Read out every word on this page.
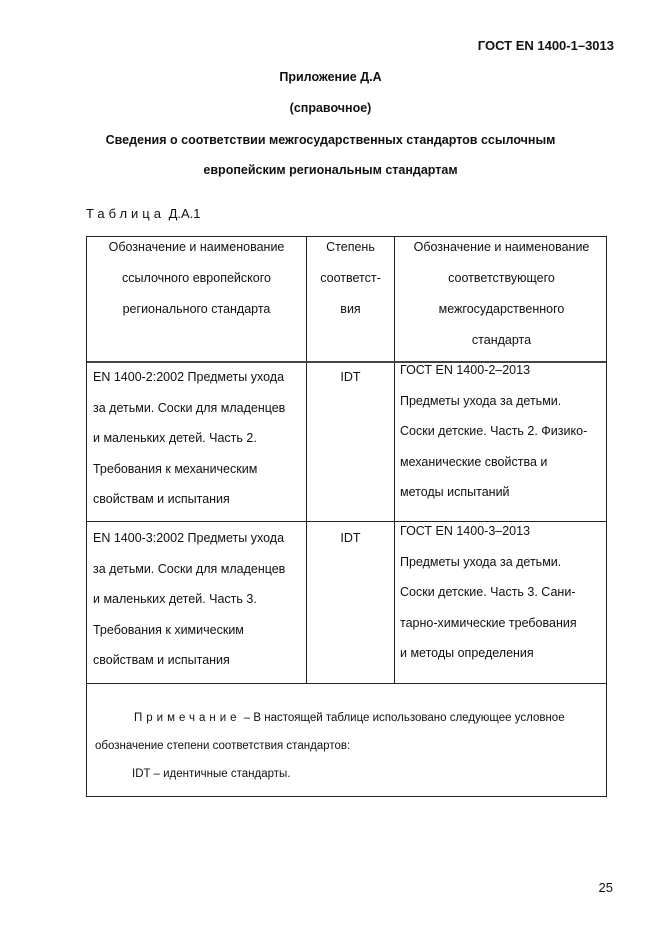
ГОСТ EN 1400-1–3013
Приложение Д.А
(справочное)
Сведения о соответствии межгосударственных стандартов ссылочным
европейским региональным стандартам
Таблица Д.А.1
Обозначение и наименование
ссылочного европейского
регионального стандарта
Степень
соответст-
вия
Обозначение и наименование
соответствующего
межгосударственного
стандарта
EN 1400-2:2002 Предметы ухода
за детьми. Соски для младенцев
и маленьких детей. Часть 2.
Требования к механическим
свойствам и испытания
IDT	ГОСТ EN 1400-2–2013
Предметы ухода за детьми.
Соски детские. Часть 2. Физико-
механические свойства и
методы испытаний
EN 1400-3:2002 Предметы ухода
за детьми. Соски для младенцев
и маленьких детей. Часть 3.
Требования к химическим
свойствам и испытания
IDT	ГОСТ EN 1400-3–2013
Предметы ухода за детьми.
Соски детские. Часть 3. Сани-
тарно-химические требования
и методы определения
Примечание – В настоящей таблице использовано следующее условное
обозначение степени соответствия стандартов:
IDT – идентичные стандарты.
25
